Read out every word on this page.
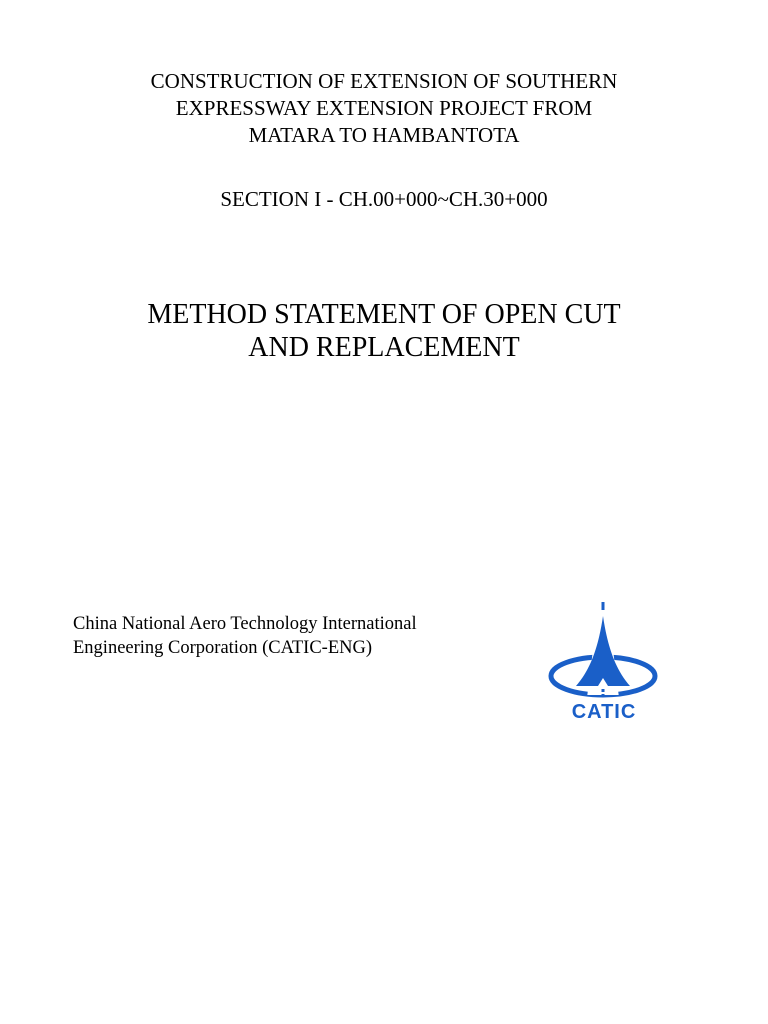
CONSTRUCTION OF EXTENSION OF SOUTHERN
EXPRESSWAY EXTENSION PROJECT FROM
MATARA TO HAMBANTOTA
SECTION I - CH.00+000~CH.30+000
METHOD STATEMENT OF OPEN CUT
AND REPLACEMENT
China National Aero Technology International
Engineering Corporation (CATIC-ENG)
CATIC
